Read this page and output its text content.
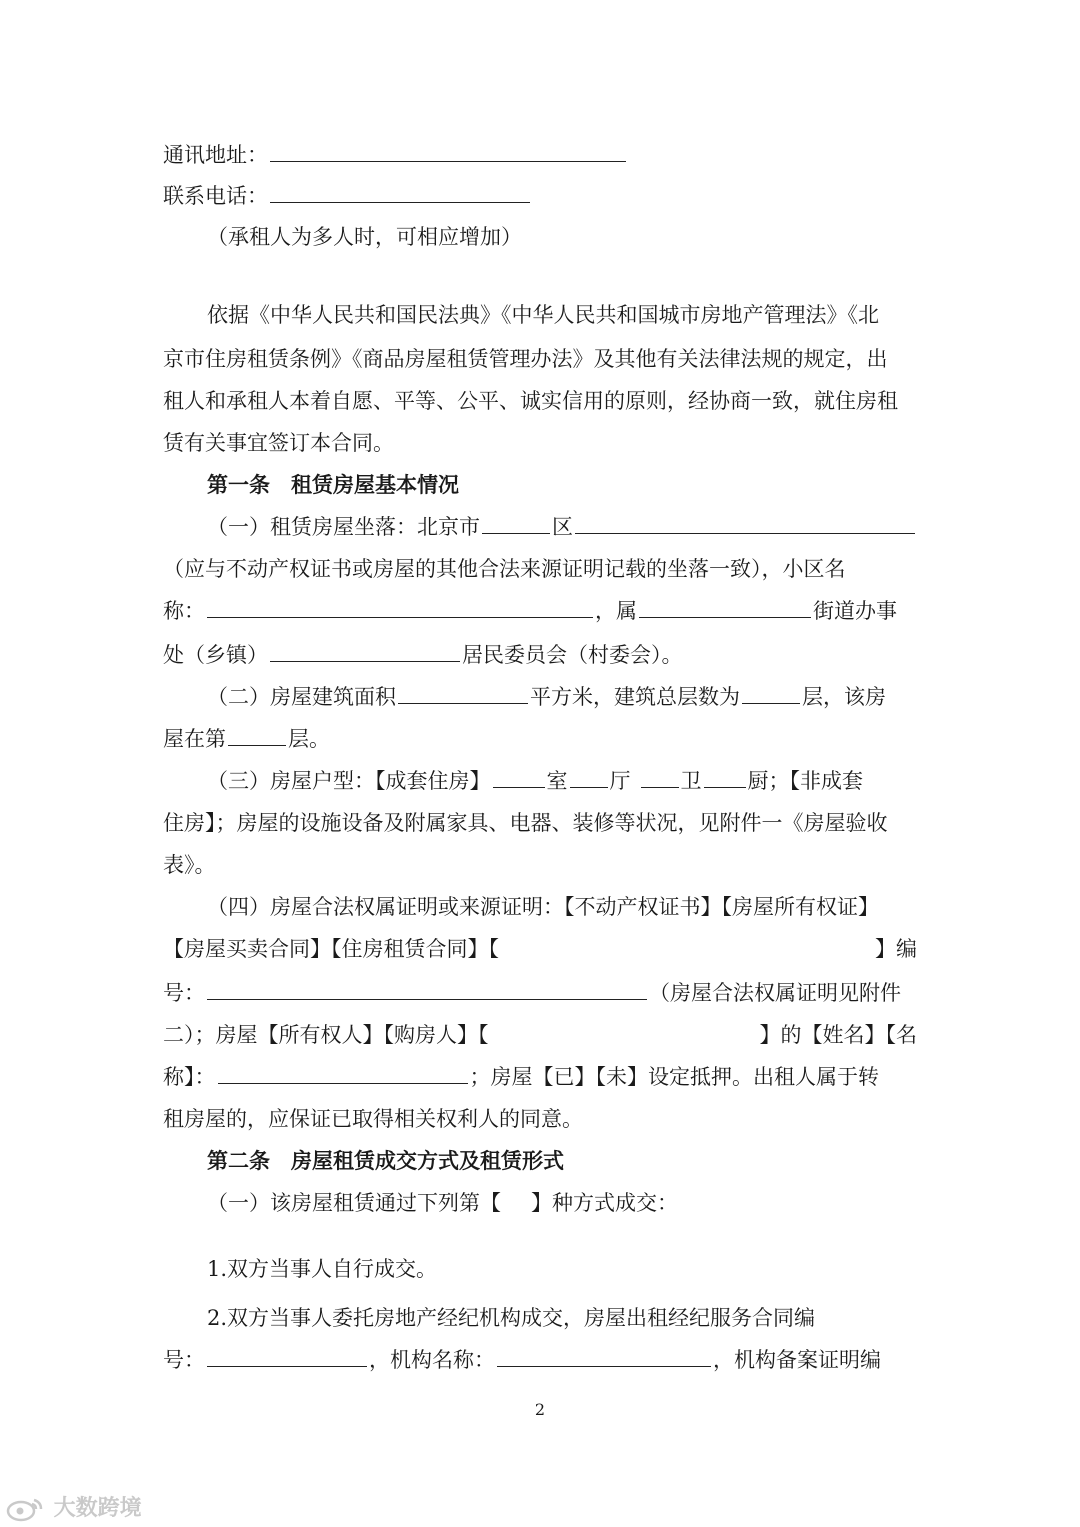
通讯地址：
联系电话：
（承租人为多人时，可相应增加）
依据《中华人民共和国民法典》《中华人民共和国城市房地产管理法》《北
京市住房租赁条例》《商品房屋租赁管理办法》及其他有关法律法规的规定，出
租人和承租人本着自愿、平等、公平、诚实信用的原则，经协商一致，就住房租
赁有关事宜签订本合同。
第一条　租赁房屋基本情况
（一）租赁房屋坐落：北京市	区
（应与不动产权证书或房屋的其他合法来源证明记载的坐落一致），小区名
称：	，属	街道办事
处（乡镇）	居民委员会（村委会）。
（二）房屋建筑面积	平方米，建筑总层数为	层，该房
屋在第	层。
（三）房屋户型：【成套住房】	室 厅 卫 厨；【非成套
住房】；房屋的设施设备及附属家具、电器、装修等状况，见附件一《房屋验收
表》。
（四）房屋合法权属证明或来源证明：【不动产权证书】【房屋所有权证】
【房屋买卖合同】【住房租赁合同】【	】编
号：	（房屋合法权属证明见附件
二）；房屋【所有权人】【购房人】【	】的【姓名】【名
称】：	；房屋【已】【未】设定抵押。出租人属于转
租房屋的，应保证已取得相关权利人的同意。
第二条　房屋租赁成交方式及租赁形式
（一）该房屋租赁通过下列第【 】种方式成交：
1.双方当事人自行成交。
2.双方当事人委托房地产经纪机构成交，房屋出租经纪服务合同编
号：	，机构名称：	，机构备案证明编
2
大数跨境
